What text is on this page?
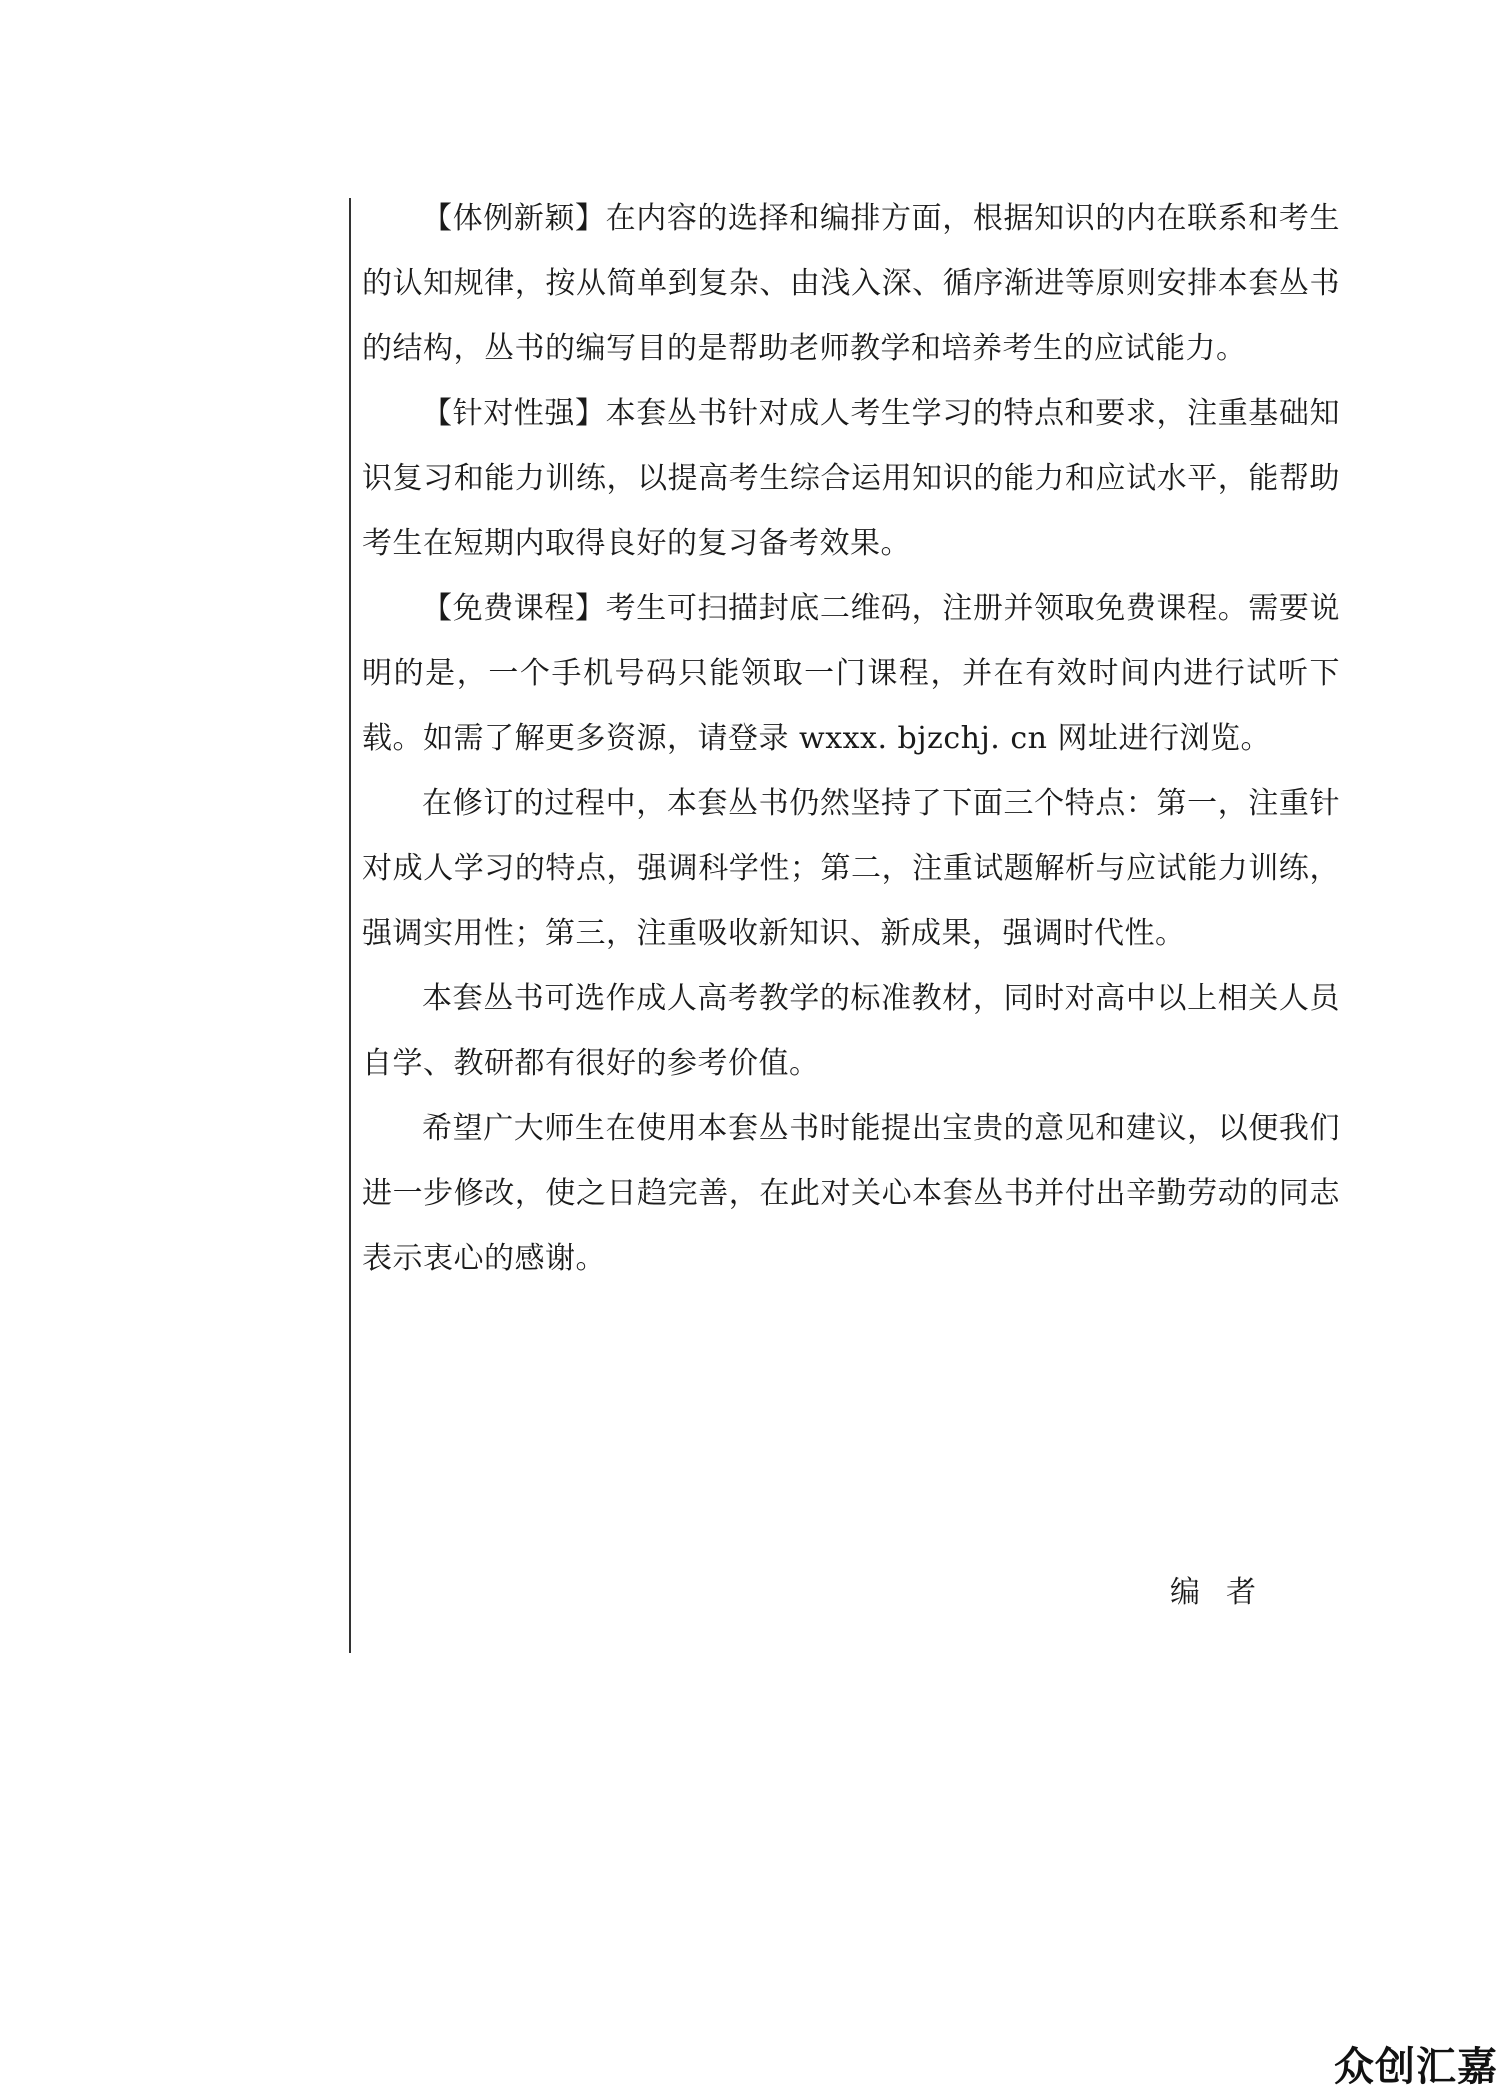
【体例新颖】在内容的选择和编排方面，根据知识的内在联系和考生的认知规律，按从简单到复杂、由浅入深、循序渐进等原则安排本套丛书的结构，丛书的编写目的是帮助老师教学和培养考生的应试能力。

【针对性强】本套丛书针对成人考生学习的特点和要求，注重基础知识复习和能力训练，以提高考生综合运用知识的能力和应试水平，能帮助考生在短期内取得良好的复习备考效果。

【免费课程】考生可扫描封底二维码，注册并领取免费课程。需要说明的是，一个手机号码只能领取一门课程，并在有效时间内进行试听下载。如需了解更多资源，请登录 wxxx. bjzchj. cn 网址进行浏览。

在修订的过程中，本套丛书仍然坚持了下面三个特点：第一，注重针对成人学习的特点，强调科学性；第二，注重试题解析与应试能力训练，强调实用性；第三，注重吸收新知识、新成果，强调时代性。

本套丛书可选作成人高考教学的标准教材，同时对高中以上相关人员自学、教研都有很好的参考价值。

希望广大师生在使用本套丛书时能提出宝贵的意见和建议，以便我们进一步修改，使之日趋完善，在此对关心本套丛书并付出辛勤劳动的同志表示衷心的感谢。

编者

众创汇嘉
